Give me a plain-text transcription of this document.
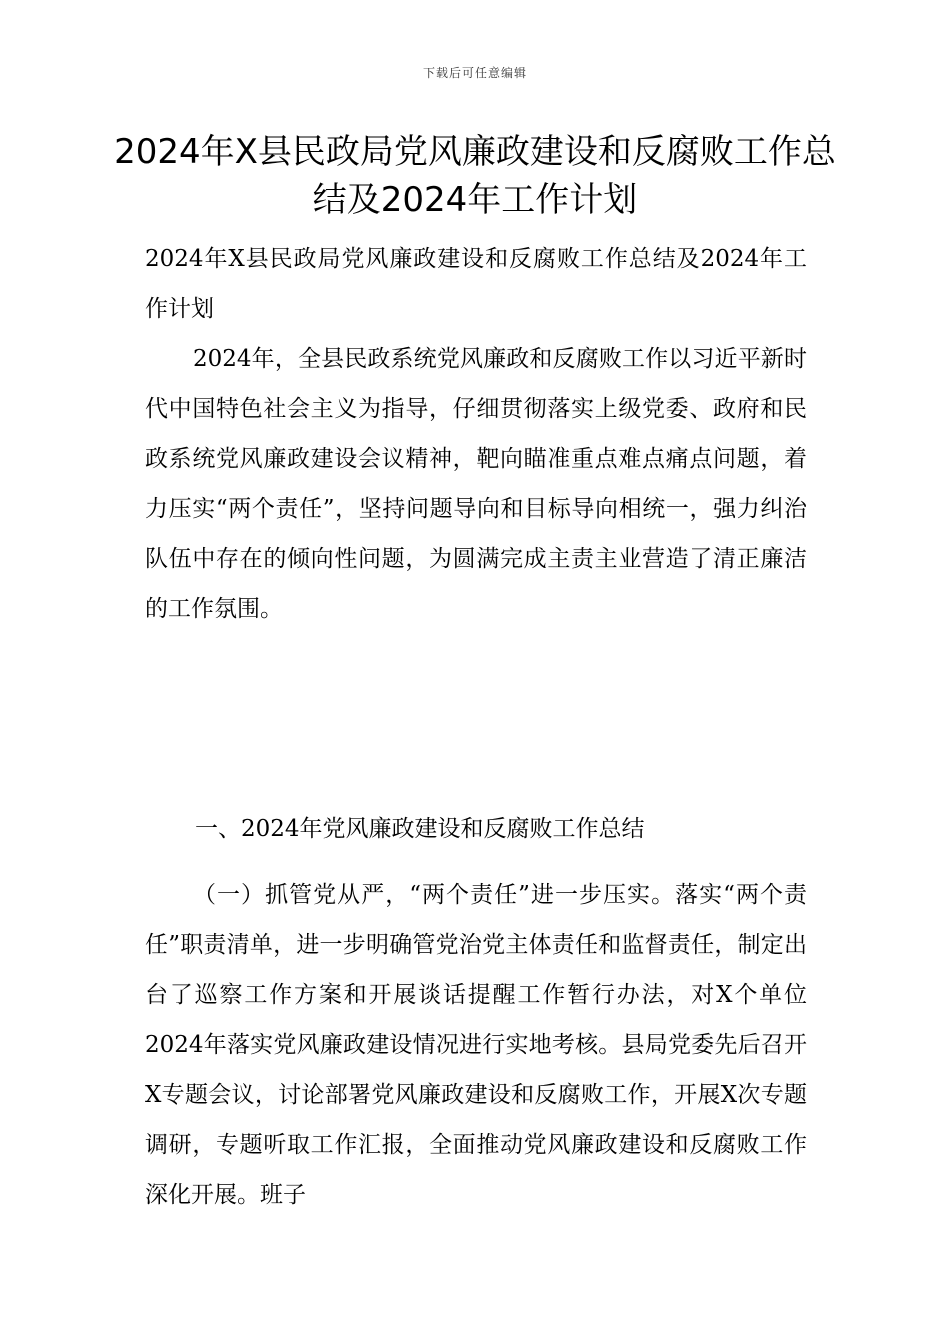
下载后可任意编辑
2024年X县民政局党风廉政建设和反腐败工作总结及2024年工作计划

2024年X县民政局党风廉政建设和反腐败工作总结及2024年工作计划

2024年，全县民政系统党风廉政和反腐败工作以习近平新时代中国特色社会主义为指导，仔细贯彻落实上级党委、政府和民政系统党风廉政建设会议精神，靶向瞄准重点难点痛点问题，着力压实“两个责任”，坚持问题导向和目标导向相统一，强力纠治队伍中存在的倾向性问题，为圆满完成主责主业营造了清正廉洁的工作氛围。

一、2024年党风廉政建设和反腐败工作总结

（一）抓管党从严，“两个责任”进一步压实。落实“两个责任”职责清单，进一步明确管党治党主体责任和监督责任，制定出台了巡察工作方案和开展谈话提醒工作暂行办法，对X个单位2024年落实党风廉政建设情况进行实地考核。县局党委先后召开X专题会议，讨论部署党风廉政建设和反腐败工作，开展X次专题调研，专题听取工作汇报，全面推动党风廉政建设和反腐败工作深化开展。班子
